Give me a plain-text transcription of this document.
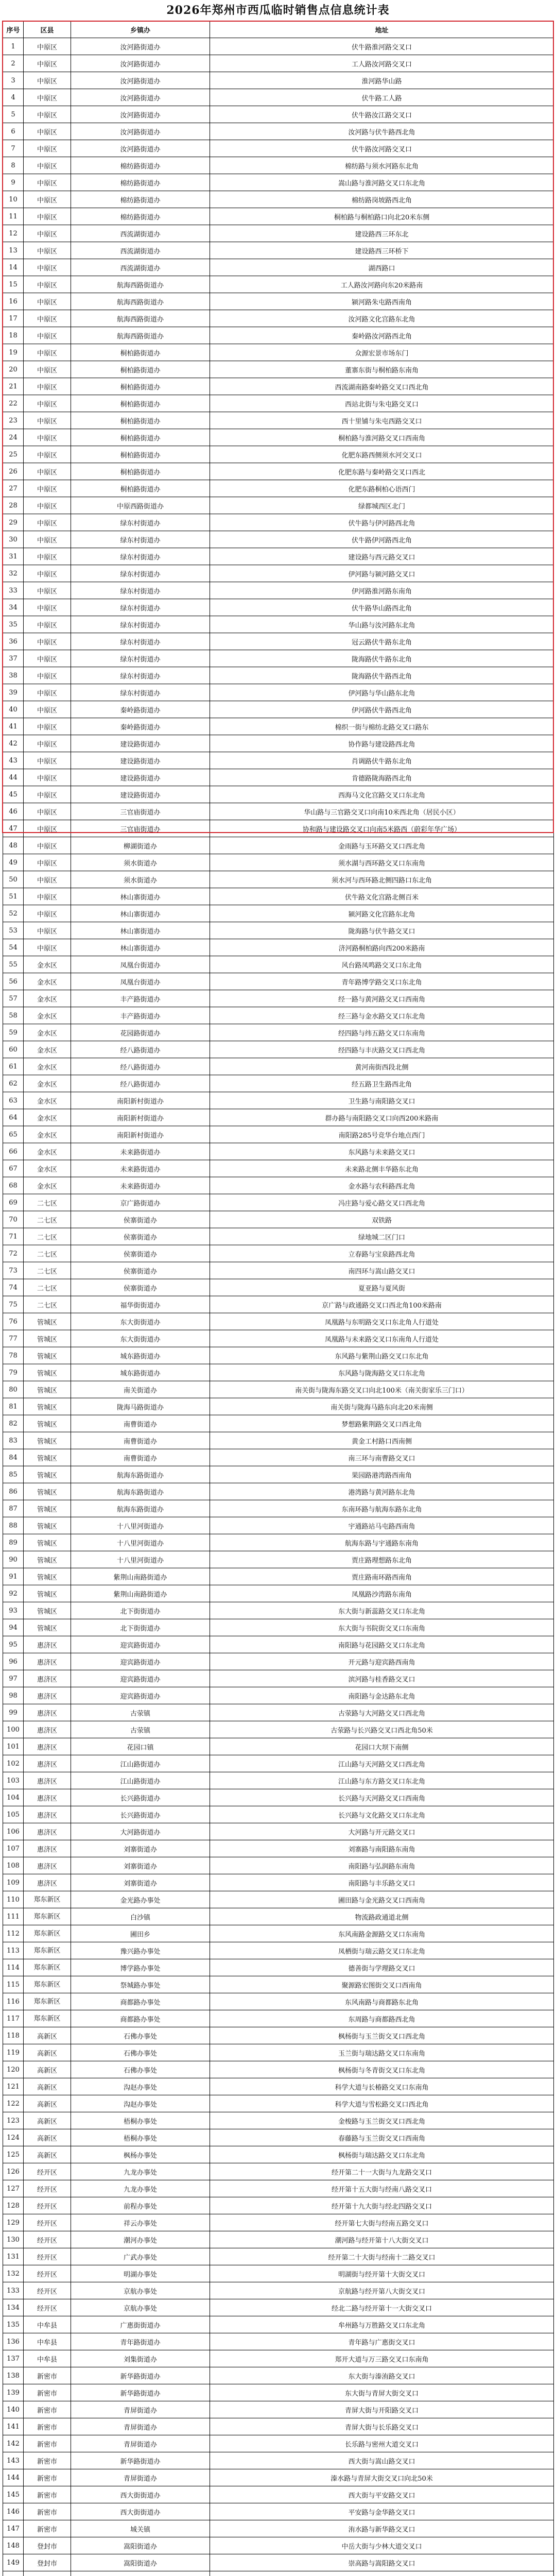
2026年郑州市西瓜临时销售点信息统计表
序号	区县	乡镇办	地址
1	中原区	汝河路街道办	伏牛路淮河路交叉口
2	中原区	汝河路街道办	工人路汝河路交叉口
3	中原区	汝河路街道办	淮河路华山路
4	中原区	汝河路街道办	伏牛路工人路
5	中原区	汝河路街道办	伏牛路汝江路交叉口
6	中原区	汝河路街道办	汝河路与伏牛路西北角
7	中原区	汝河路街道办	伏牛路汝河路交叉口
8	中原区	棉纺路街道办	棉纺路与须水河路东北角
9	中原区	棉纺路街道办	嵩山路与淮河路交叉口东北角
10	中原区	棉纺路街道办	棉纺路岗坡路西北角
11	中原区	棉纺路街道办	桐柏路与桐柏路口向北20米东侧
12	中原区	西流湖街道办	建设路西三环东北
13	中原区	西流湖街道办	建设路西三环桥下
14	中原区	西流湖街道办	湖西路口
15	中原区	航海西路街道办	工人路汝河路向东20米路南
16	中原区	航海西路街道办	颍河路朱屯路西南角
17	中原区	航海西路街道办	汝河路文化宫路东北角
18	中原区	航海西路街道办	秦岭路汝河路西北角
19	中原区	桐柏路街道办	众源宏景市场东门
20	中原区	桐柏路街道办	董寨东街与桐柏路东南角
21	中原区	桐柏路街道办	西流湖南路秦岭路交叉口西北角
22	中原区	桐柏路街道办	西站北街与朱屯路交叉口
23	中原区	桐柏路街道办	西十里铺与朱屯西路交叉口
24	中原区	桐柏路街道办	桐柏路与淮河路交叉口西南角
25	中原区	桐柏路街道办	化肥东路西侧须水河交叉口
26	中原区	桐柏路街道办	化肥东路与秦岭路交叉口西北
27	中原区	桐柏路街道办	化肥东路桐柏心语西门
28	中原区	中原西路街道办	绿都城西区北门
29	中原区	绿东村街道办	伏牛路与伊河路西北角
30	中原区	绿东村街道办	伏牛路伊河路西北角
31	中原区	绿东村街道办	建设路与西元路交叉口
32	中原区	绿东村街道办	伊河路与颍河路交叉口
33	中原区	绿东村街道办	伊河路淮河路东南角
34	中原区	绿东村街道办	伏牛路华山路西北角
35	中原区	绿东村街道办	华山路与汝河路东北角
36	中原区	绿东村街道办	冠云路伏牛路东北角
37	中原区	绿东村街道办	陇海路伏牛路东北角
38	中原区	绿东村街道办	陇海路伏牛路西北角
39	中原区	绿东村街道办	伊河路与华山路东北角
40	中原区	秦岭路街道办	伊河路伏牛路西北角
41	中原区	秦岭路街道办	棉织一街与棉纺北路交叉口路东
42	中原区	建设路街道办	协作路与建设路西北角
43	中原区	建设路街道办	肖调路伏牛路东北角
44	中原区	建设路街道办	肯德路陇海路西北角
45	中原区	建设路街道办	西海马文化宫路交叉口东北角
46	中原区	三官庙街道办	华山路与三官路交叉口向南10米西北角（居民小区）
47	中原区	三官庙街道办	协和路与建设路交叉口向南5米路西（蔚彩年华广场）
48	中原区	柳湖街道办	金雨路与玉环路交叉口西北角
49	中原区	须水街道办	须水湖与西环路交叉口东南角
50	中原区	须水街道办	须水河与西环路北侧四路口东北角
51	中原区	林山寨街道办	伏牛路文化宫路北侧百米
52	中原区	林山寨街道办	颍河路文化宫路东北角
53	中原区	林山寨街道办	陇海路与伏牛路交叉口
54	中原区	林山寨街道办	济河路桐柏路向西200米路南
55	金水区	凤凰台街道办	风台路凤鸣路交叉口东北角
56	金水区	凤凰台街道办	青年路博学路交叉口东北角
57	金水区	丰产路街道办	经一路与黄河路交叉口西南角
58	金水区	丰产路街道办	经三路与金水路交叉口东北角
59	金水区	花园路街道办	经四路与纬五路交叉口东南角
60	金水区	经八路街道办	经四路与丰庆路交叉口西北角
61	金水区	经八路街道办	黄河南街西段北侧
62	金水区	经八路街道办	经五路卫生路西北角
63	金水区	南阳新村街道办	卫生路与南阳路交叉口
64	金水区	南阳新村街道办	群办路与南阳路交叉口向西200米路南
65	金水区	南阳新村街道办	南阳路285号竞华台地点西门
66	金水区	未来路街道办	东风路与未来路交叉口
67	金水区	未来路街道办	未来路北侧丰华路东北角
68	金水区	未来路街道办	金水路与农科路西北角
69	二七区	京广路街道办	冯庄路与爱心路交叉口西北角
70	二七区	侯寨街道办	双铁路
71	二七区	侯寨街道办	绿地城二区门口
72	二七区	侯寨街道办	立春路与宝泉路西北角
73	二七区	侯寨街道办	南四环与嵩山路交叉口
74	二七区	侯寨街道办	夏亚路与夏风街
75	二七区	福华街街道办	京广路与政通路交叉口西北角100米路南
76	管城区	东大街街道办	凤凰路与东明路交叉口东北角人行道处
77	管城区	东大街街道办	凤凰路与未来路交叉口东南角人行道处
78	管城区	城东路街道办	东风路与紫荆山路交叉口东北角
79	管城区	城东路街道办	东风路与陇海路交叉口东北角
80	管城区	南关街道办	南关街与陇海东路交叉口向北100米（南关街家乐三门口）
81	管城区	陇海马路街道办	南关街与陇海马路东向北20米南侧
82	管城区	南曹街道办	梦想路紫荆路交叉口西北角
83	管城区	南曹街道办	黄金工村路口西南侧
84	管城区	南曹街道办	南三环与南曹路交叉口
85	管城区	航海东路街道办	果园路港湾路西南角
86	管城区	航海东路街道办	港湾路与黄河路东北角
87	管城区	航海东路街道办	东南环路与航海东路东北角
88	管城区	十八里河街道办	宇通路站马屯路西南角
89	管城区	十八里河街道办	航海东路与宇通路东南角
90	管城区	十八里河街道办	贾庄路理想路东北角
91	管城区	紫荆山南路街道办	贾庄路南环路西南角
92	管城区	紫荆山南路街道办	凤凰路沙湾路东南角
93	管城区	北下街街道办	东大街与新蕊路交叉口东北角
94	管城区	北下街街道办	东大街与书院街交叉口东南角
95	惠济区	迎宾路街道办	南阳路与花园路交叉口东北角
96	惠济区	迎宾路街道办	开元路与迎宾路西南角
97	惠济区	迎宾路街道办	滨河路与桂香路交叉口
98	惠济区	迎宾路街道办	南阳路与金达路东北角
99	惠济区	古荥镇	古荥路与大河路交叉口西北角
100	惠济区	古荥镇	古荥路与长兴路交叉口西北角50米
101	惠济区	花园口镇	花园口大坝下南侧
102	惠济区	江山路街道办	江山路与天河路交叉口西北角
103	惠济区	江山路街道办	江山路与东方路交叉口东北角
104	惠济区	长兴路街道办	长兴路与天河路交叉口西南角
105	惠济区	长兴路街道办	长兴路与文化路交叉口东北角
106	惠济区	大河路街道办	大河路与开元路交叉口
107	惠济区	刘寨街道办	刘寨路与南阳路东南角
108	惠济区	刘寨街道办	南阳路与弘润路东南角
109	惠济区	刘寨街道办	南阳路与丰乐路交叉口
110	郑东新区	金光路办事处	圃田路与金光路交叉口西南角
111	郑东新区	白沙镇	物流路政通道北侧
112	郑东新区	圃田乡	东风南路金源路交叉口东南角
113	郑东新区	豫兴路办事处	凤栖街与瑞云路交叉口东北角
114	郑东新区	博学路办事处	德善街与学理路交叉口
115	郑东新区	祭城路办事处	聚源路宏图街交叉口西南角
116	郑东新区	商都路办事处	东风南路与商都路东北角
117	郑东新区	商都路办事处	东周路与商都路西北角
118	高新区	石佛办事处	枫杨街与玉兰街交叉口西北角
119	高新区	石佛办事处	玉兰街与瑞达路交叉口东南角
120	高新区	石佛办事处	枫杨街与冬青街交叉口东北角
121	高新区	沟赵办事处	科学大道与长椿路交叉口东南角
122	高新区	沟赵办事处	科学大道与雪松路交叉口西北角
123	高新区	梧桐办事处	金梭路与玉兰街交叉口西北角
124	高新区	梧桐办事处	春藤路与玉兰街交叉口西南角
125	高新区	枫杨办事处	枫杨街与瑞达路交叉口东北角
126	经开区	九龙办事处	经开第二十一大街与九龙路交叉口
127	经开区	九龙办事处	经开第十五大街与经南八路交叉口
128	经开区	前程办事处	经开第十九大街与经北四路交叉口
129	经开区	祥云办事处	经开第七大街与经南五路交叉口
130	经开区	潮河办事处	潮河路与经开第十八大街交叉口
131	经开区	广武办事处	经开第二十大街与经南十二路交叉口
132	经开区	明湖办事处	明湖街与经开第十大街交叉口
133	经开区	京航办事处	京航路与经开第八大街交叉口
134	经开区	京航办事处	经北二路与经开第十一大街交叉口
135	中牟县	广惠街街道办	牟州路与万胜路交叉口东北角
136	中牟县	青年路街道办	青年路与广惠街交叉口
137	中牟县	刘集街道办	郑开大道与万三路交叉口东南角
138	新密市	新华路街道办	东大街与溱洧路交叉口
139	新密市	新华路街道办	东大街与青屏大街交叉口
140	新密市	青屏街道办	青屏大街与开阳路交叉口
141	新密市	青屏街道办	青屏大街与长乐路交叉口
142	新密市	青屏街道办	长乐路与密州大道交叉口
143	新密市	新华路街道办	西大街与嵩山路交叉口
144	新密市	青屏街道办	溱水路与青屏大街交叉口向北50米
145	新密市	西大街街道办	西大街与平安路交叉口
146	新密市	西大街街道办	平安路与金华路交叉口
147	新密市	城关镇	洧水路与新华路交叉口
148	登封市	嵩阳街道办	中岳大街与少林大道交叉口
149	登封市	嵩阳街道办	崇高路与嵩阳路交叉口
